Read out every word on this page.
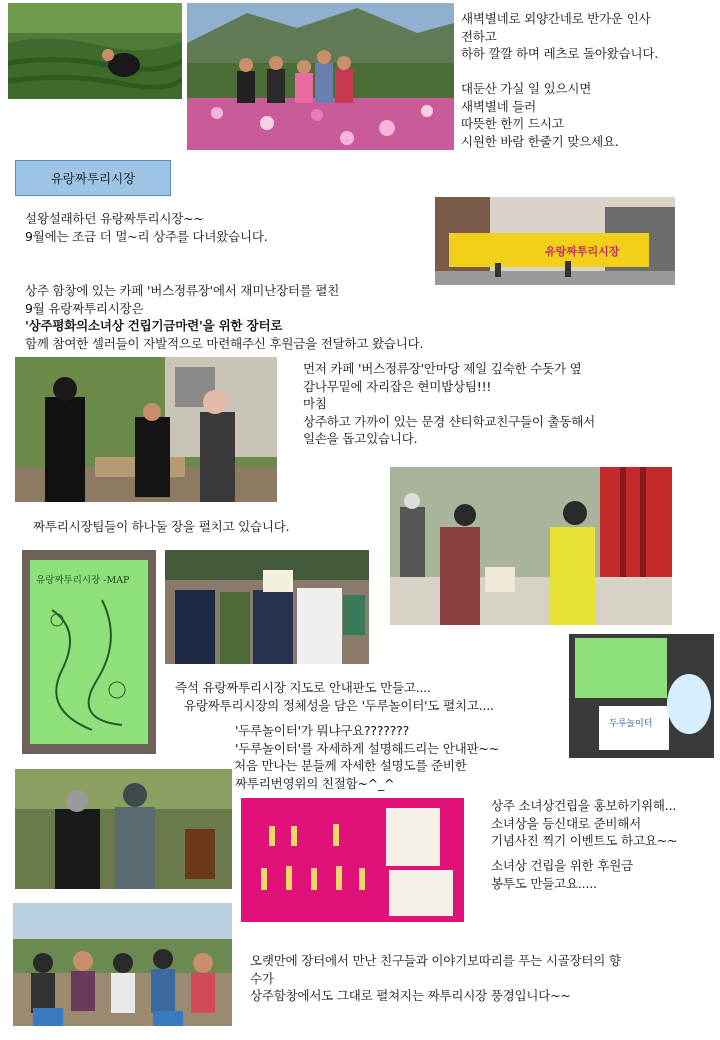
새벽별네로 외양간네로 반가운 인사
전하고
하하 깔깔 하며 레츠로 돌아왔습니다.
대둔산 가실 일 있으시면
새벽별네 들러
따뜻한 한끼 드시고
시원한 바람 한줄기 맞으세요.
유랑짜투리시장
설왕설래하던 유랑짜투리시장~~
9월에는 조금 더 멀~리 상주를 다녀왔습니다.
유랑짜투리시장
상주 함창에 있는 카페 '버스정류장'에서 재미난장터를 펼친
9월 유랑짜투리시장은
'상주평화의소녀상 건립기금마련'을 위한 장터로
함께 참여한 셀러들이 자발적으로 마련해주신 후원금을 전달하고 왔습니다.
먼저 카페 '버스정류장'안마당 제일 깊숙한 수돗가 옆
감나무밑에 자리잡은 현미밥상팀!!!
마침
상주하고 가까이 있는 문경 샨티학교친구들이 출동해서
일손을 돕고있습니다.
짜투리시장팀들이 하나둘 장을 펼치고 있습니다.
유랑짜투리시장 -MAP
두루놀이터
즉석 유랑짜투리시장 지도로 안내판도 만들고....
유랑짜투리시장의 정체성을 담은 '두루놀이터'도 펼치고....
'두루놀이터'가 뭐냐구요???????
'두루놀이터'를 자세하게 설명해드리는 안내판~~
처음 만나는 분들께 자세한 설명도를 준비한
짜투리번영위의 친절함~^_^
상주 소녀상건립을 홍보하기위해...
소녀상을 등신대로 준비해서
기념사진 찍기 이벤트도 하고요~~
소녀상 건립을 위한 후원금
봉투도 만들고요.....
오랫만에 장터에서 만난 친구들과 이야기보따리를 푸는 시골장터의 향
수가
상주함창에서도 그대로 펼쳐지는 짜투리시장 풍경입니다~~
